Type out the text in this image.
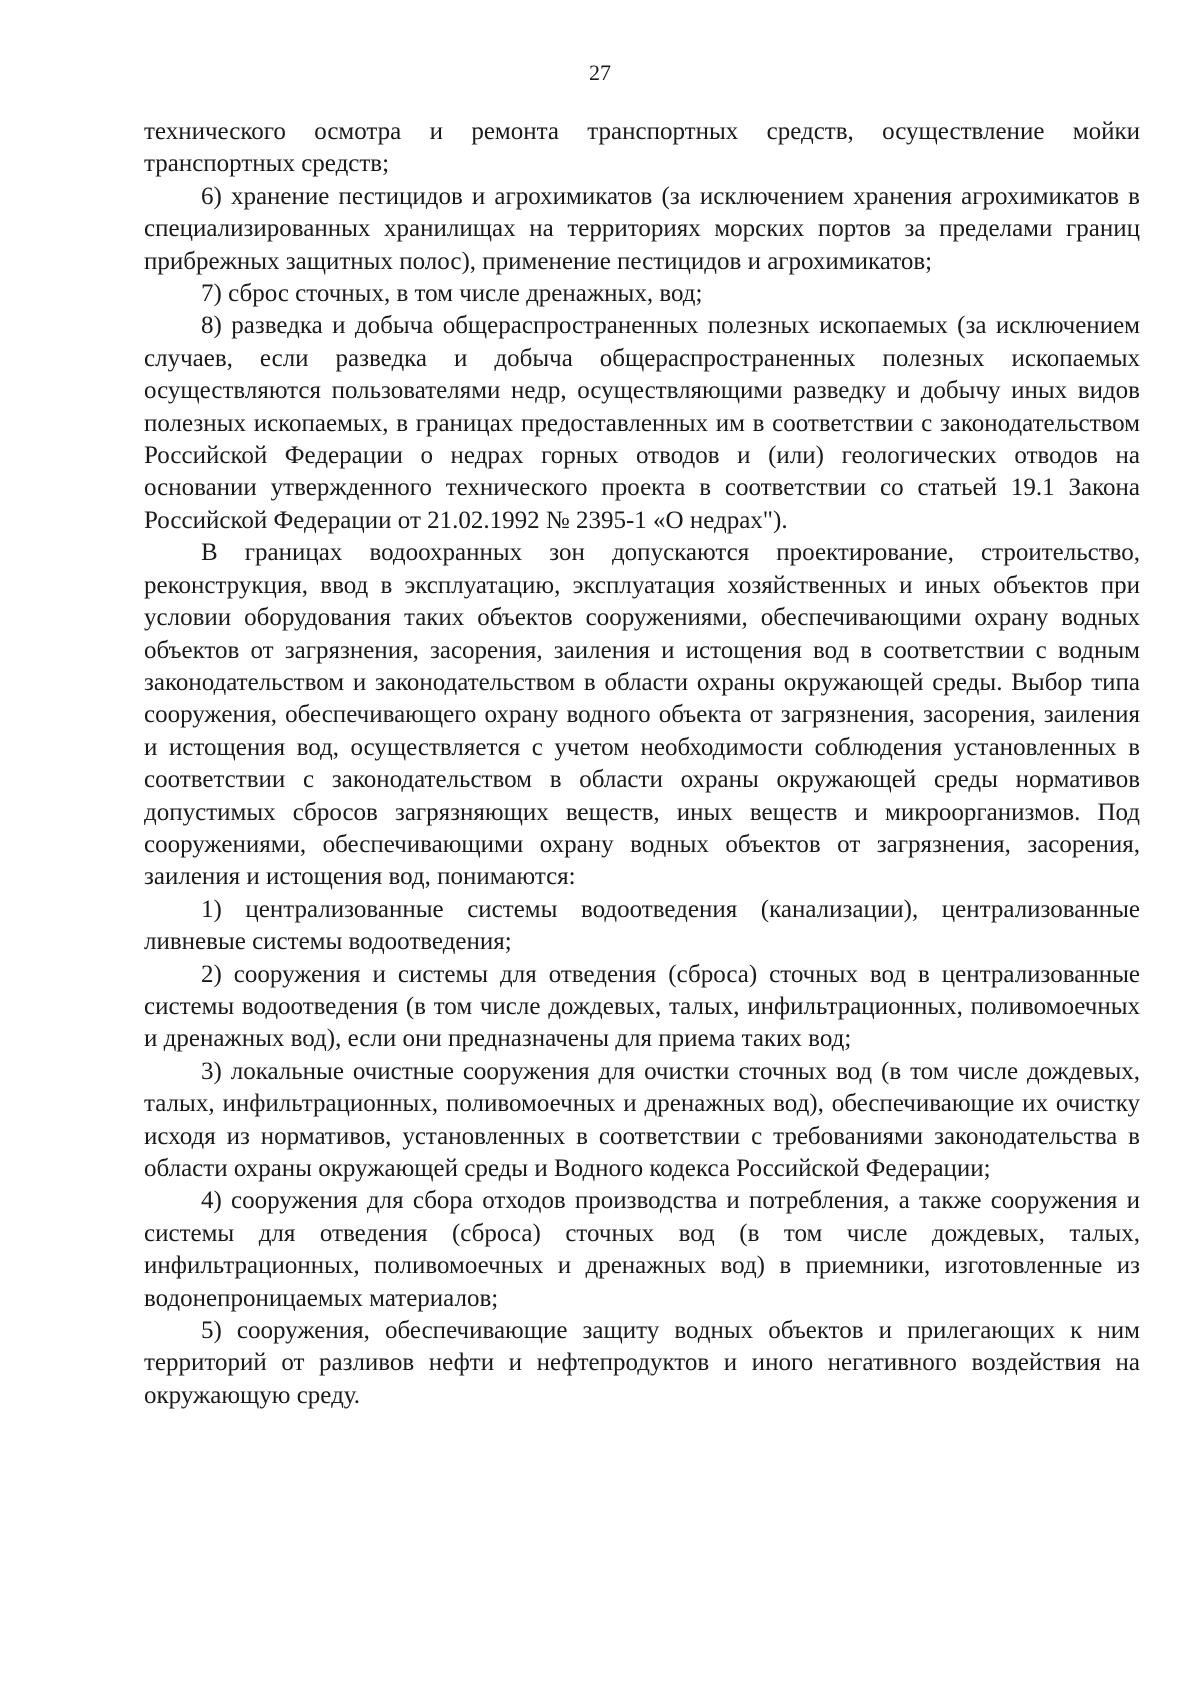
27

технического осмотра и ремонта транспортных средств, осуществление мойки транспортных средств;

6) хранение пестицидов и агрохимикатов (за исключением хранения агрохимикатов в специализированных хранилищах на территориях морских портов за пределами границ прибрежных защитных полос), применение пестицидов и агрохимикатов;

7) сброс сточных, в том числе дренажных, вод;

8) разведка и добыча общераспространенных полезных ископаемых (за исключением случаев, если разведка и добыча общераспространенных полезных ископаемых осуществляются пользователями недр, осуществляющими разведку и добычу иных видов полезных ископаемых, в границах предоставленных им в соответствии с законодательством Российской Федерации о недрах горных отводов и (или) геологических отводов на основании утвержденного технического проекта в соответствии со статьей 19.1 Закона Российской Федерации от 21.02.1992 № 2395-1 «О недрах").

В границах водоохранных зон допускаются проектирование, строительство, реконструкция, ввод в эксплуатацию, эксплуатация хозяйственных и иных объектов при условии оборудования таких объектов сооружениями, обеспечивающими охрану водных объектов от загрязнения, засорения, заиления и истощения вод в соответствии с водным законодательством и законодательством в области охраны окружающей среды. Выбор типа сооружения, обеспечивающего охрану водного объекта от загрязнения, засорения, заиления и истощения вод, осуществляется с учетом необходимости соблюдения установленных в соответствии с законодательством в области охраны окружающей среды нормативов допустимых сбросов загрязняющих веществ, иных веществ и микроорганизмов. Под сооружениями, обеспечивающими охрану водных объектов от загрязнения, засорения, заиления и истощения вод, понимаются:

1) централизованные системы водоотведения (канализации), централизованные ливневые системы водоотведения;

2) сооружения и системы для отведения (сброса) сточных вод в централизованные системы водоотведения (в том числе дождевых, талых, инфильтрационных, поливомоечных и дренажных вод), если они предназначены для приема таких вод;

3) локальные очистные сооружения для очистки сточных вод (в том числе дождевых, талых, инфильтрационных, поливомоечных и дренажных вод), обеспечивающие их очистку исходя из нормативов, установленных в соответствии с требованиями законодательства в области охраны окружающей среды и Водного кодекса Российской Федерации;

4) сооружения для сбора отходов производства и потребления, а также сооружения и системы для отведения (сброса) сточных вод (в том числе дождевых, талых, инфильтрационных, поливомоечных и дренажных вод) в приемники, изготовленные из водонепроницаемых материалов;

5) сооружения, обеспечивающие защиту водных объектов и прилегающих к ним территорий от разливов нефти и нефтепродуктов и иного негативного воздействия на окружающую среду.
